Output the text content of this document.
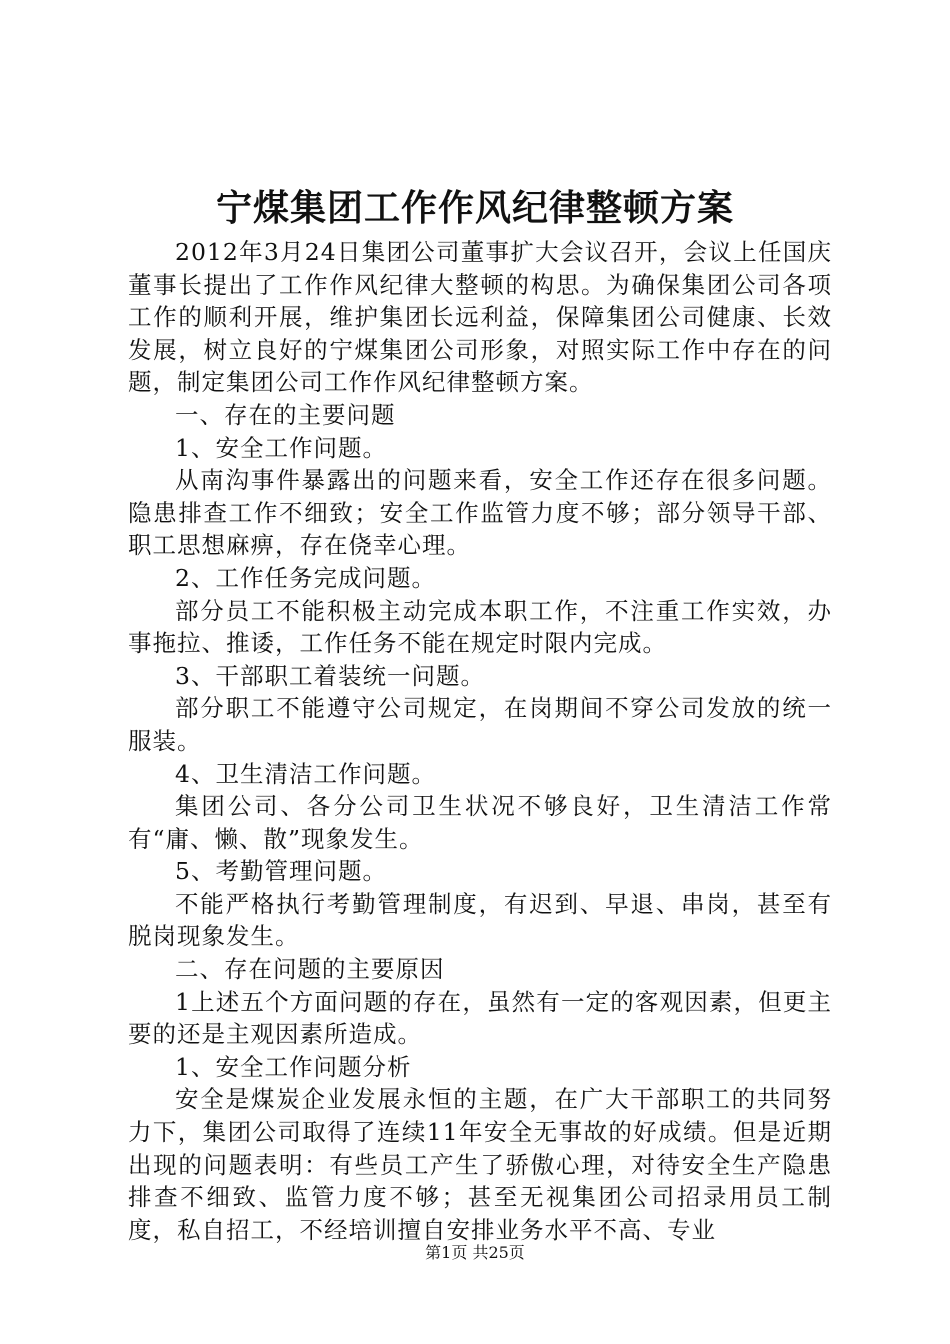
宁煤集团工作作风纪律整顿方案

2012年3月24日集团公司董事扩大会议召开，会议上任国庆董事长提出了工作作风纪律大整顿的构思。为确保集团公司各项工作的顺利开展，维护集团长远利益，保障集团公司健康、长效发展，树立良好的宁煤集团公司形象，对照实际工作中存在的问题，制定集团公司工作作风纪律整顿方案。

一、存在的主要问题

1、安全工作问题。

从南沟事件暴露出的问题来看，安全工作还存在很多问题。隐患排查工作不细致；安全工作监管力度不够；部分领导干部、职工思想麻痹，存在侥幸心理。

2、工作任务完成问题。

部分员工不能积极主动完成本职工作，不注重工作实效，办事拖拉、推诿，工作任务不能在规定时限内完成。

3、干部职工着装统一问题。

部分职工不能遵守公司规定，在岗期间不穿公司发放的统一服装。

4、卫生清洁工作问题。

集团公司、各分公司卫生状况不够良好，卫生清洁工作常有“庸、懒、散”现象发生。

5、考勤管理问题。

不能严格执行考勤管理制度，有迟到、早退、串岗，甚至有脱岗现象发生。

二、存在问题的主要原因

1上述五个方面问题的存在，虽然有一定的客观因素，但更主要的还是主观因素所造成。

1、安全工作问题分析

安全是煤炭企业发展永恒的主题，在广大干部职工的共同努力下，集团公司取得了连续11年安全无事故的好成绩。但是近期出现的问题表明：有些员工产生了骄傲心理，对待安全生产隐患排查不细致、监管力度不够；甚至无视集团公司招录用员工制度，私自招工，不经培训擅自安排业务水平不高、专业

第1页 共25页
